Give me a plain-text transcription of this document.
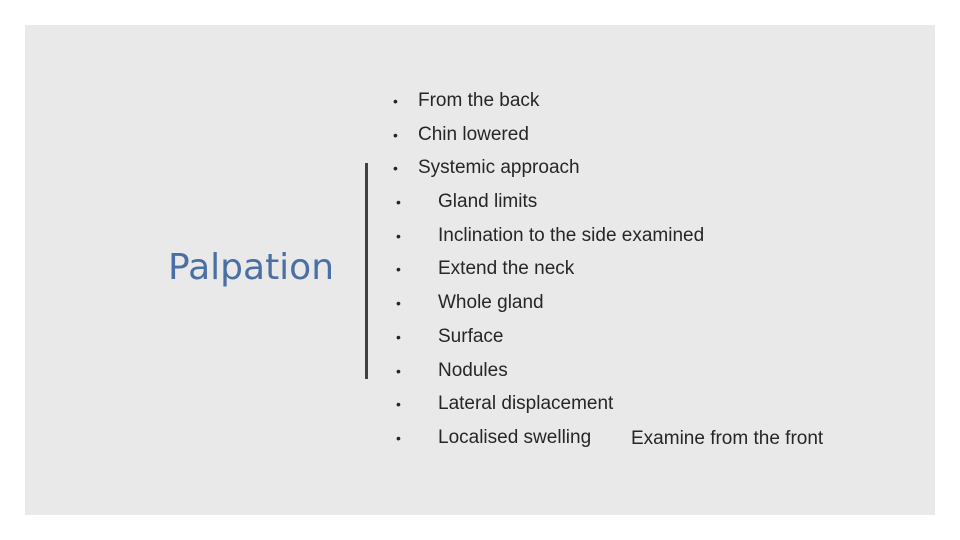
Palpation
• From the back
• Chin lowered
• Systemic approach
• Gland limits
• Inclination to the side examined
• Extend the neck
• Whole gland
• Surface
• Nodules
• Lateral displacement
• Localised swelling Examine from the front
